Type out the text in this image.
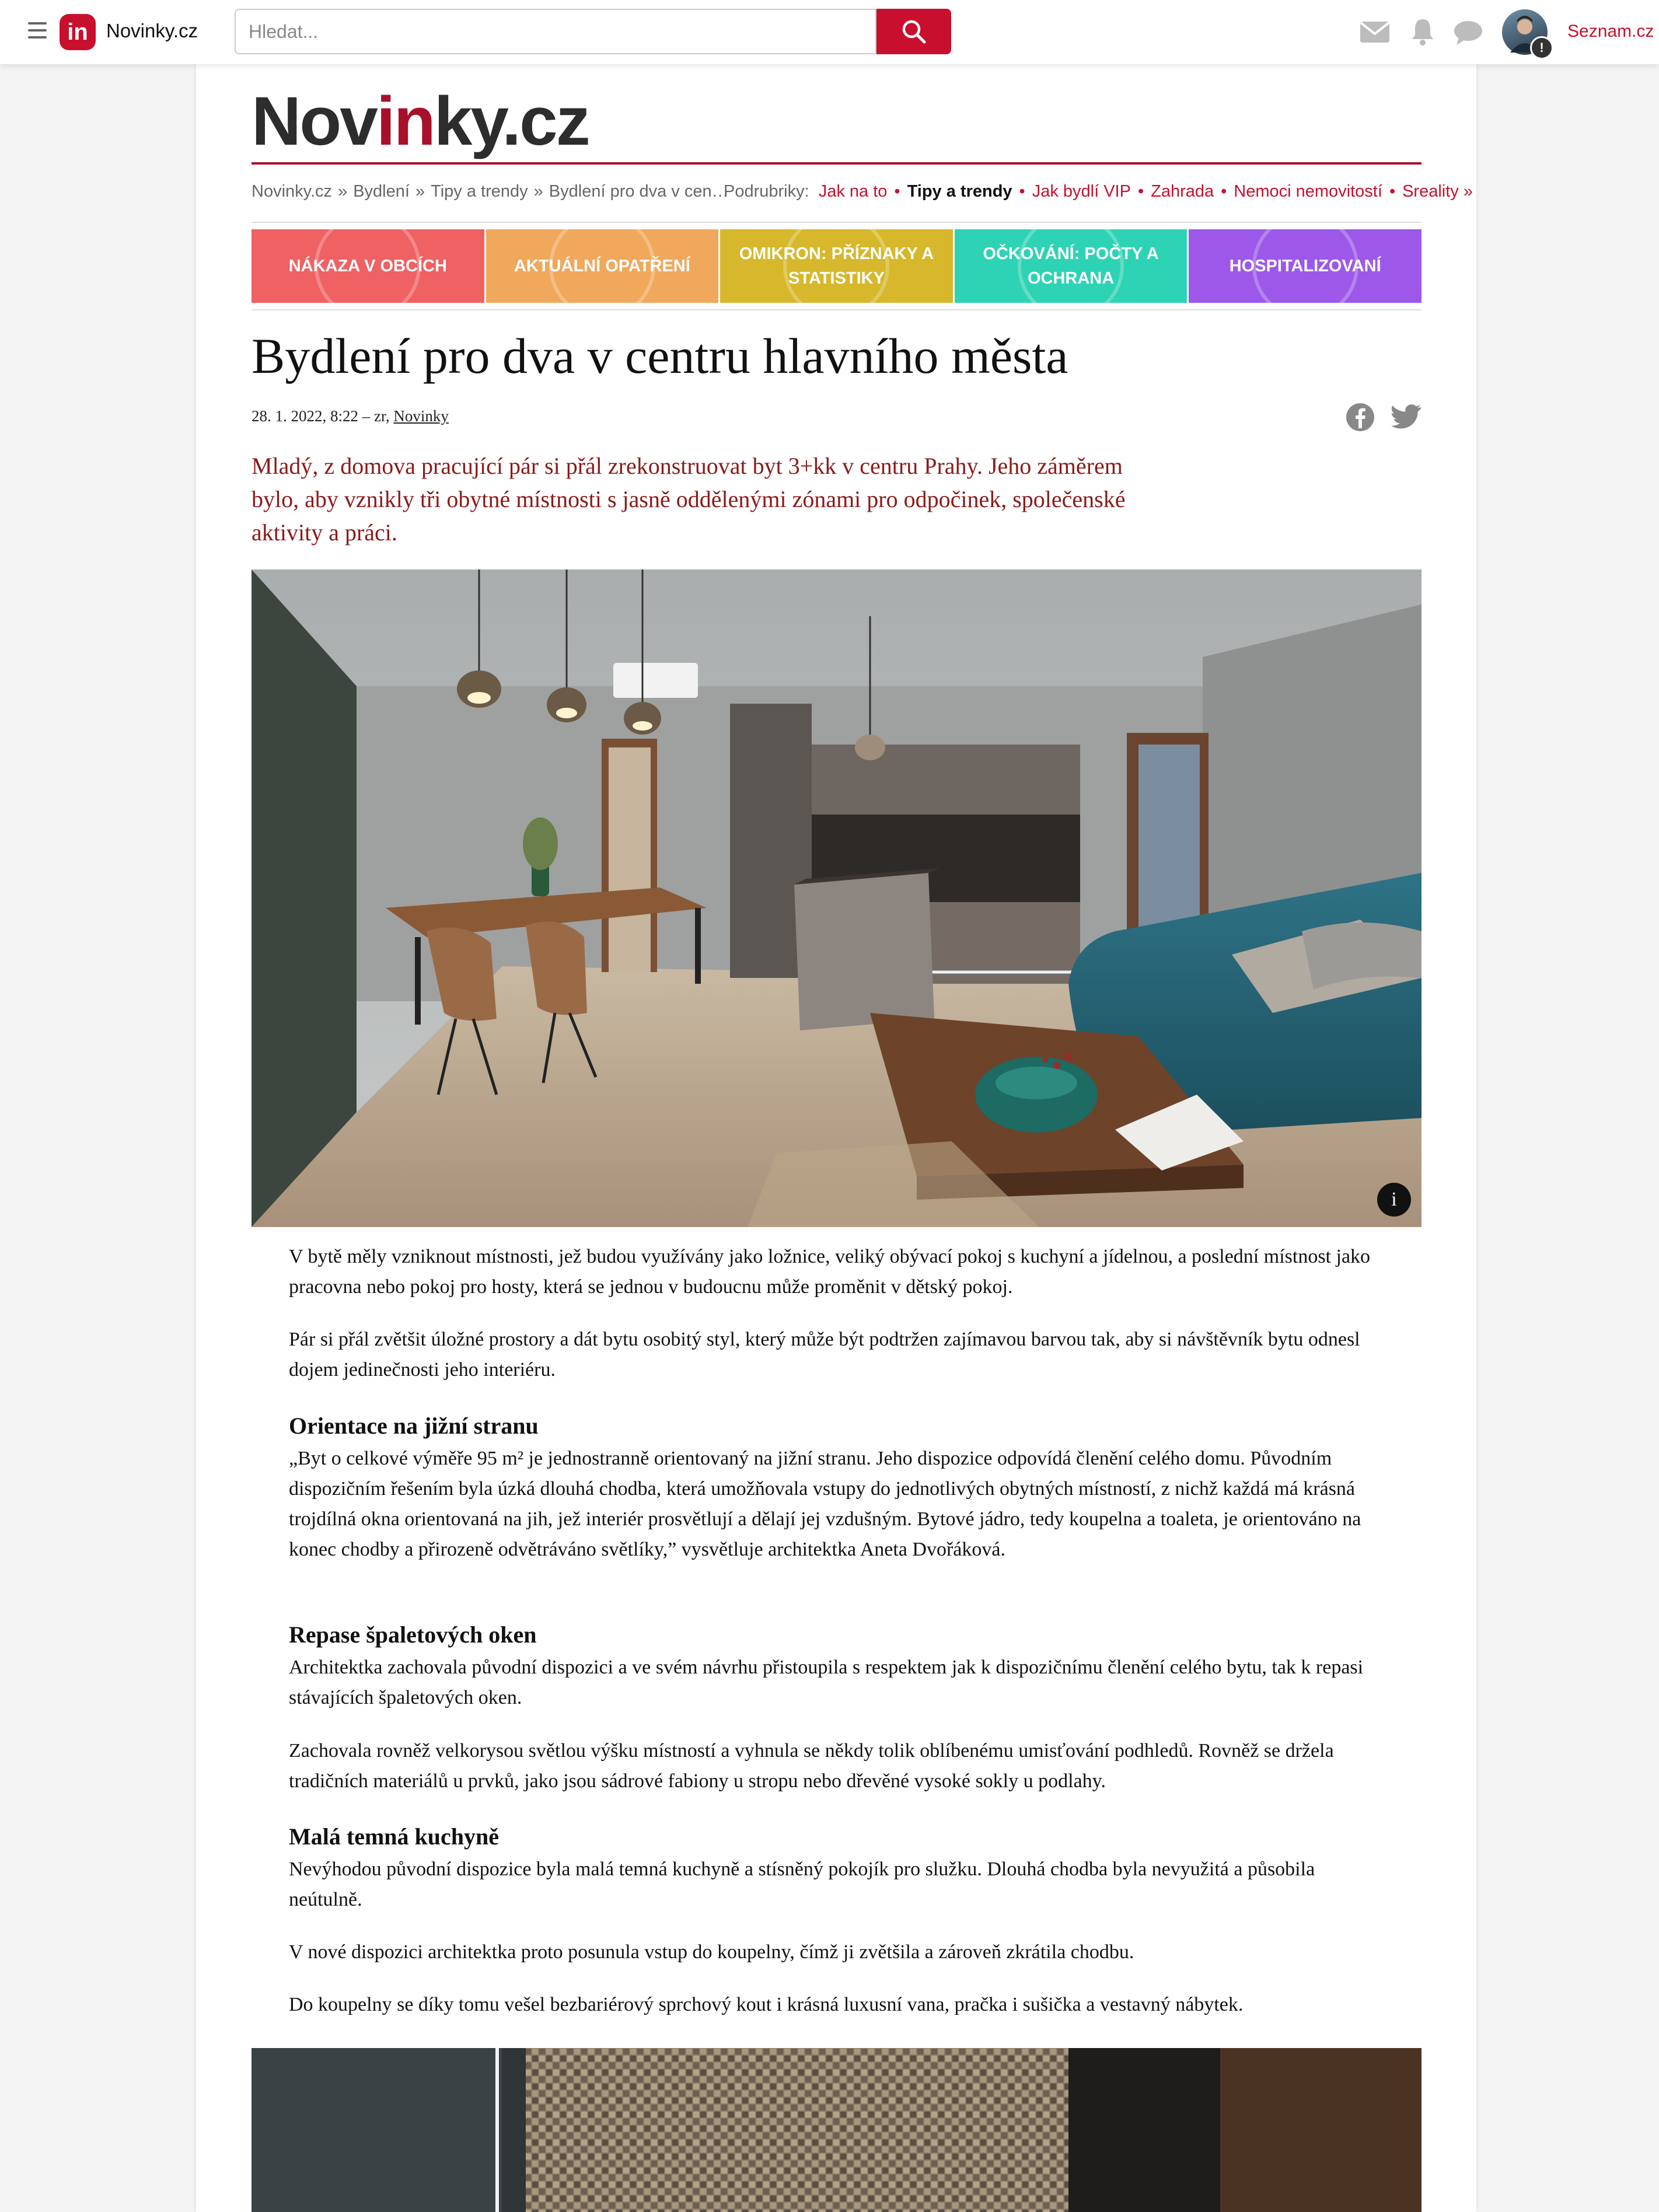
in Novinky.cz
Hledat...
!
Seznam.cz
Novinky.cz
Novinky.cz » Bydlení » Tipy a trendy » Bydlení pro dva v cen…
Podrubriky: Jak na to • Tipy a trendy • Jak bydlí VIP • Zahrada • Nemoci nemovitostí • Sreality »
NÁKAZA V OBCÍCH	AKTUÁLNÍ OPATŘENÍ
OMIKRON: PŘÍZNAKY A STATISTIKY
OČKOVÁNÍ: POČTY A OCHRANA
HOSPITALIZOVANÍ
Bydlení pro dva v centru hlavního města
28. 1. 2022, 8:22 – zr, Novinky

Mladý, z domova pracující pár si přál zrekonstruovat byt 3+kk v centru Prahy. Jeho záměrem bylo, aby vznikly tři obytné místnosti s jasně oddělenými zónami pro odpočinek, společenské aktivity a práci.

i

V bytě měly vzniknout místnosti, jež budou využívány jako ložnice, veliký obývací pokoj s kuchyní a jídelnou, a poslední místnost jako pracovna nebo pokoj pro hosty, která se jednou v budoucnu může proměnit v dětský pokoj.

Pár si přál zvětšit úložné prostory a dát bytu osobitý styl, který může být podtržen zajímavou barvou tak, aby si návštěvník bytu odnesl dojem jedinečnosti jeho interiéru.

Orientace na jižní stranu

„Byt o celkové výměře 95 m² je jednostranně orientovaný na jižní stranu. Jeho dispozice odpovídá členění celého domu. Původním dispozičním řešením byla úzká dlouhá chodba, která umožňovala vstupy do jednotlivých obytných místností, z nichž každá má krásná trojdílná okna orientovaná na jih, jež interiér prosvětlují a dělají jej vzdušným. Bytové jádro, tedy koupelna a toaleta, je orientováno na konec chodby a přirozeně odvětráváno světlíky,” vysvětluje architektka Aneta Dvořáková.

Repase špaletových oken

Architektka zachovala původní dispozici a ve svém návrhu přistoupila s respektem jak k dispozičnímu členění celého bytu, tak k repasi stávajících špaletových oken.

Zachovala rovněž velkorysou světlou výšku místností a vyhnula se někdy tolik oblíbenému umisťování podhledů. Rovněž se držela tradičních materiálů u prvků, jako jsou sádrové fabiony u stropu nebo dřevěné vysoké sokly u podlahy.

Malá temná kuchyně

Nevýhodou původní dispozice byla malá temná kuchyně a stísněný pokojík pro služku. Dlouhá chodba byla nevyužitá a působila neútulně.

V nové dispozici architektka proto posunula vstup do koupelny, čímž ji zvětšila a zároveň zkrátila chodbu.

Do koupelny se díky tomu vešel bezbariérový sprchový kout i krásná luxusní vana, pračka i sušička a vestavný nábytek.
